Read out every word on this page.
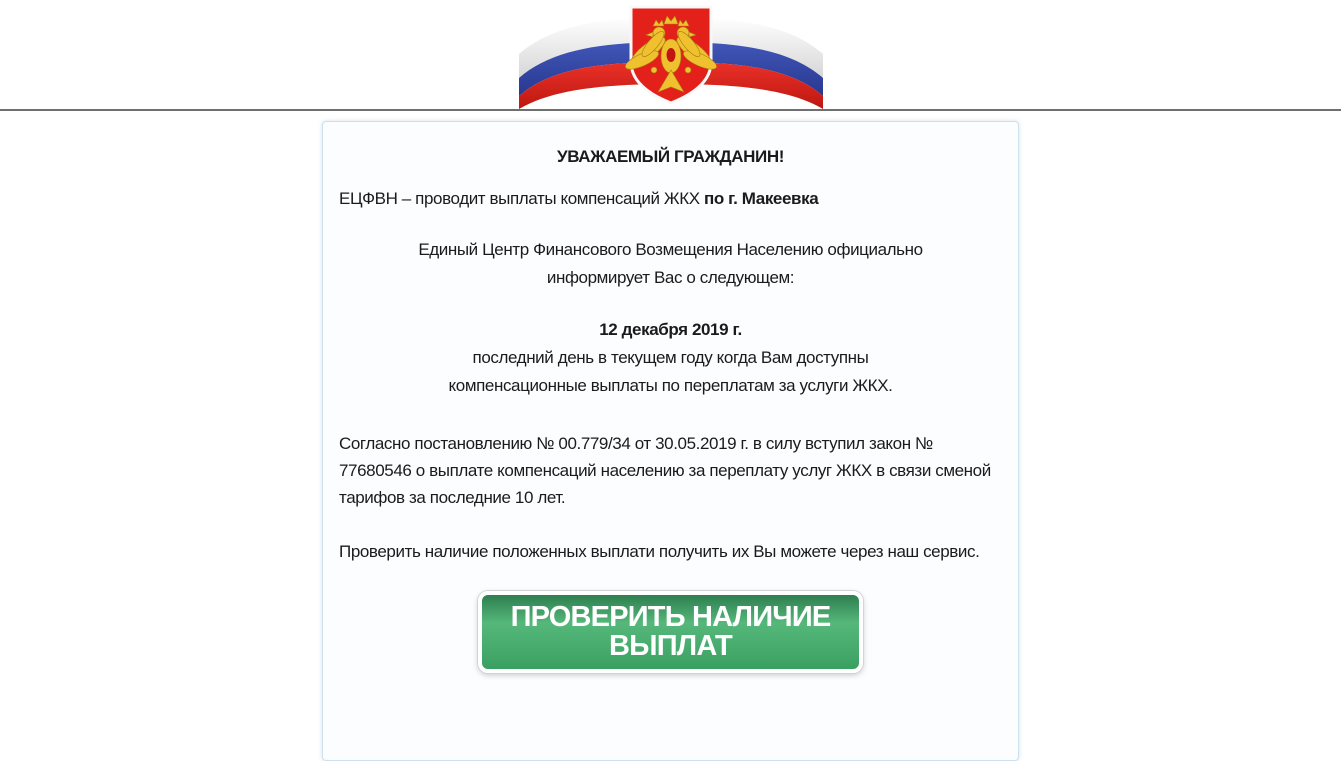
УВАЖАЕМЫЙ ГРАЖДАНИН!

ЕЦФВН – проводит выплаты компенсаций ЖКХ по г. Макеевка

Единый Центр Финансового Возмещения Населению официально
информирует Вас о следующем:

12 декабря 2019 г.
последний день в текущем году когда Вам доступны
компенсационные выплаты по переплатам за услуги ЖКХ.

Согласно постановлению № 00.779/34 от 30.05.2019 г. в силу вступил закон № 77680546 о выплате компенсаций населению за переплату услуг ЖКХ в связи сменой тарифов за последние 10 лет.

Проверить наличие положенных выплати получить их Вы можете через наш сервис.

ПРОВЕРИТЬ НАЛИЧИЕ ВЫПЛАТ
